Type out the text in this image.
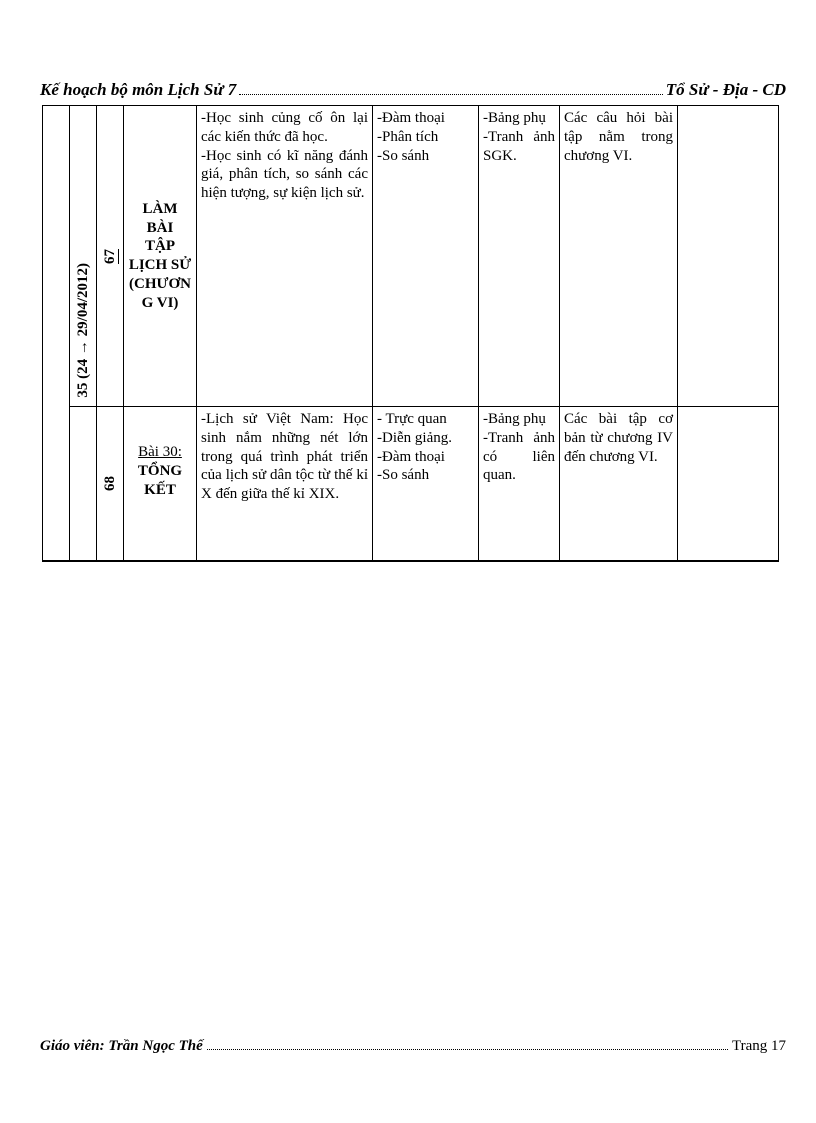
Kế hoạch bộ môn Lịch Sử 7	Tổ Sử - Địa - CD

	35 (24 → 29/04/2012)	67	LÀM BÀI
TẬP
LỊCH SỬ
(CHƯƠN
G VI)	-Học sinh củng cố ôn lại các kiến thức đã học.
-Học sinh có kĩ năng đánh giá, phân tích, so sánh các hiện tượng, sự kiện lịch sử.	-Đàm thoại
-Phân tích
-So sánh	-Bảng phụ
-Tranh ảnh SGK.	Các câu hỏi bài tập nằm trong chương VI.	

		68	Bài 30:
TỔNG
KẾT	-Lịch sử Việt Nam: Học sinh nắm những nét lớn trong quá trình phát triển của lịch sử dân tộc từ thế kỉ X đến giữa thế kỉ XIX.	- Trực quan
-Diễn giảng.
-Đàm thoại
-So sánh	-Bảng phụ
-Tranh ảnh có liên quan.	Các bài tập cơ bản từ chương IV đến chương VI.	
Giáo viên: Trần Ngọc Thế	Trang 17
